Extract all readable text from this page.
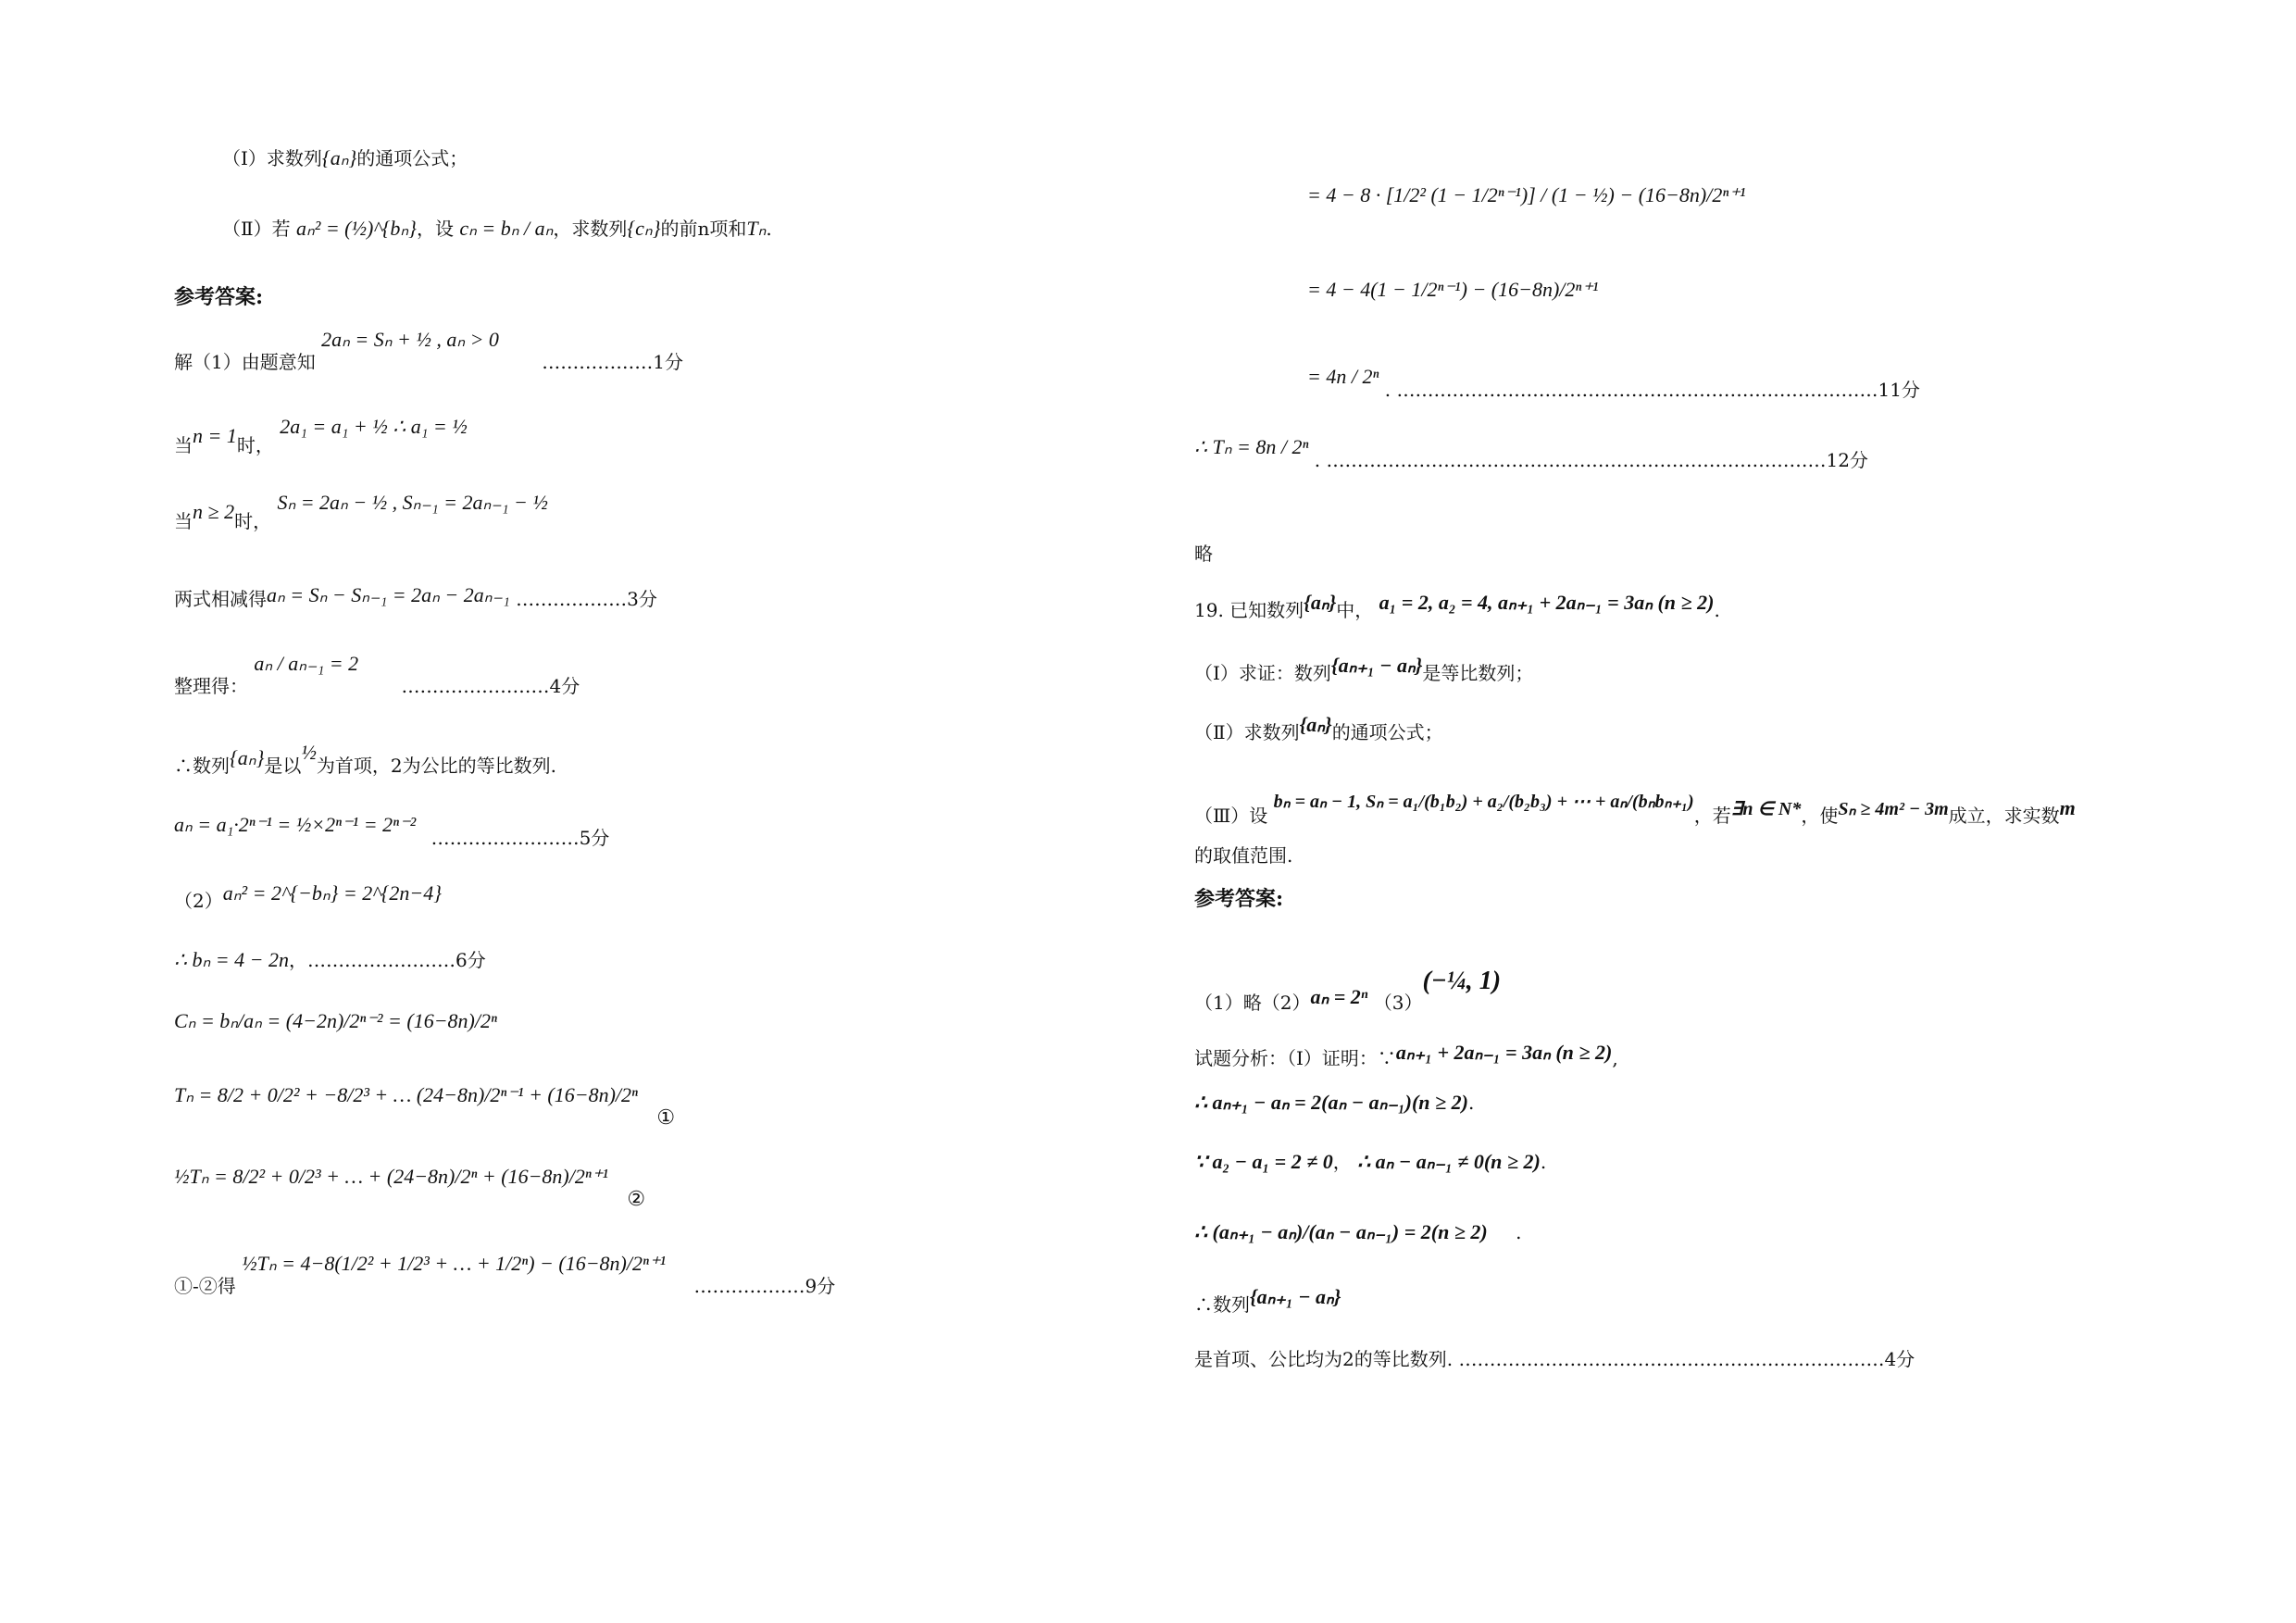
（Ⅰ）求数列{aₙ}的通项公式；
（Ⅱ）若 aₙ² = (½)^{bₙ}，设 cₙ = bₙ / aₙ，求数列{cₙ}的前n项和Tₙ.
参考答案:
解（1）由题意知 2aₙ = Sₙ + ½ , aₙ > 0 ………………1分
当n = 1时， 2a₁ = a₁ + ½ ∴ a₁ = ½
当n ≥ 2时， Sₙ = 2aₙ − ½ , Sₙ₋₁ = 2aₙ₋₁ − ½
两式相减得aₙ = Sₙ − Sₙ₋₁ = 2aₙ − 2aₙ₋₁ ………………3分
整理得： aₙ / aₙ₋₁ = 2 ……………………4分
∴数列{aₙ}是以½为首项，2为公比的等比数列.
aₙ = a₁·2ⁿ⁻¹ = ½×2ⁿ⁻¹ = 2ⁿ⁻² ……………………5分
（2）aₙ² = 2^{−bₙ} = 2^{2n−4}
∴ bₙ = 4 − 2n，……………………6分
Cₙ = bₙ/aₙ = (4−2n)/2ⁿ⁻² = (16−8n)/2ⁿ
Tₙ = 8/2 + 0/2² + −8/2³ + … (24−8n)/2ⁿ⁻¹ + (16−8n)/2ⁿ ①
½Tₙ = 8/2² + 0/2³ + … + (24−8n)/2ⁿ + (16−8n)/2ⁿ⁺¹ ②
①-②得 ½Tₙ = 4−8(1/2² + 1/2³ + … + 1/2ⁿ) − (16−8n)/2ⁿ⁺¹ ………………9分
= 4 − 8 · [1/2² (1 − 1/2ⁿ⁻¹)] / (1 − ½) − (16−8n)/2ⁿ⁺¹
= 4 − 4(1 − 1/2ⁿ⁻¹) − (16−8n)/2ⁿ⁺¹
= 4n / 2ⁿ . ……………………………………………………………………11分
∴ Tₙ = 8n / 2ⁿ . ………………………………………………………………………12分
略
19. 已知数列{aₙ}中， a₁ = 2, a₂ = 4, aₙ₊₁ + 2aₙ₋₁ = 3aₙ (n ≥ 2).
（Ⅰ）求证：数列{aₙ₊₁ − aₙ}是等比数列；
（Ⅱ）求数列{aₙ}的通项公式；
（Ⅲ）设 bₙ = aₙ − 1, Sₙ = a₁/(b₁b₂) + a₂/(b₂b₃) + ⋯ + aₙ/(bₙbₙ₊₁)，若∃n ∈ N*，使Sₙ ≥ 4m² − 3m成立，求实数m
的取值范围.
参考答案:
（1）略（2）aₙ = 2ⁿ （3）(−¼, 1)
试题分析：（Ⅰ）证明：∵aₙ₊₁ + 2aₙ₋₁ = 3aₙ (n ≥ 2),
∴ aₙ₊₁ − aₙ = 2(aₙ − aₙ₋₁)(n ≥ 2).
∵ a₂ − a₁ = 2 ≠ 0， ∴ aₙ − aₙ₋₁ ≠ 0(n ≥ 2).
∴ (aₙ₊₁ − aₙ)/(aₙ − aₙ₋₁) = 2(n ≥ 2) .
∴数列{aₙ₊₁ − aₙ}
是首项、公比均为2的等比数列. ……………………………………………………………4分
